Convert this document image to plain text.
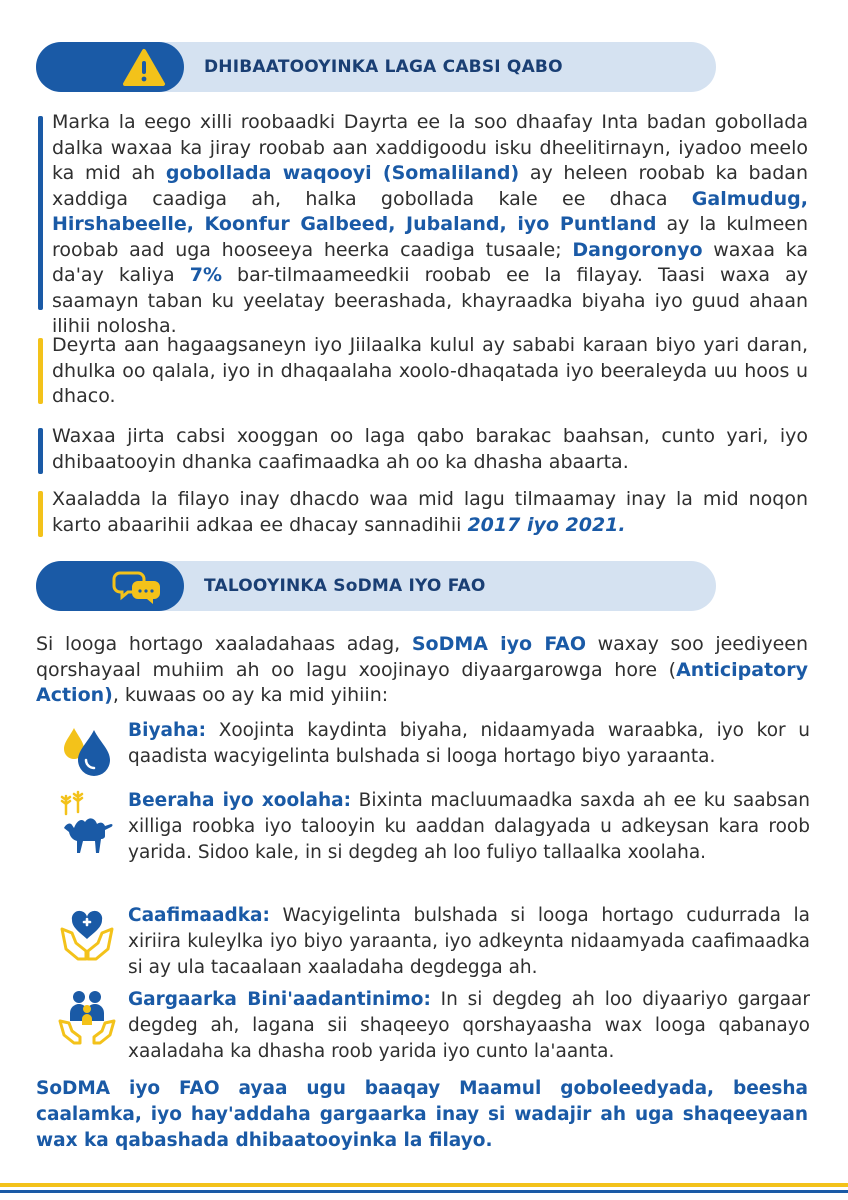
DHIBAATOOYINKA LAGA CABSI QABO
Marka la eego xilli roobaadki Dayrta ee la soo dhaafay Inta badan gobollada dalka waxaa ka jiray roobab aan xaddigoodu isku dheelitirnayn, iyadoo meelo ka mid ah gobollada waqooyi (Somaliland) ay heleen roobab ka badan xaddiga caadiga ah, halka gobollada kale ee dhaca Galmudug, Hirshabeelle, Koonfur Galbeed, Jubaland, iyo Puntland ay la kulmeen roobab aad uga hooseeya heerka caadiga tusaale; Dangoronyo waxaa ka da'ay kaliya 7% bar-tilmaameedkii roobab ee la filayay. Taasi waxa ay saamayn taban ku yeelatay beerashada, khayraadka biyaha iyo guud ahaan ilihii nolosha.
Deyrta aan hagaagsaneyn iyo Jiilaalka kulul ay sababi karaan biyo yari daran, dhulka oo qalala, iyo in dhaqaalaha xoolo-dhaqatada iyo beeraleyda uu hoos u dhaco.
Waxaa jirta cabsi xooggan oo laga qabo barakac baahsan, cunto yari, iyo dhibaatooyin dhanka caafimaadka ah oo ka dhasha abaarta.
Xaaladda la filayo inay dhacdo waa mid lagu tilmaamay inay la mid noqon karto abaarihii adkaa ee dhacay sannadihii 2017 iyo 2021.
TALOOYINKA SoDMA IYO FAO
Si looga hortago xaaladahaas adag, SoDMA iyo FAO waxay soo jeediyeen qorshayaal muhiim ah oo lagu xoojinayo diyaargarowga hore (Anticipatory Action), kuwaas oo ay ka mid yihiin:
Biyaha: Xoojinta kaydinta biyaha, nidaamyada waraabka, iyo kor u qaadista wacyigelinta bulshada si looga hortago biyo yaraanta.
Beeraha iyo xoolaha: Bixinta macluumaadka saxda ah ee ku saabsan xilliga roobka iyo talooyin ku aaddan dalagyada u adkeysan kara roob yarida. Sidoo kale, in si degdeg ah loo fuliyo tallaalka xoolaha.
Caafimaadka: Wacyigelinta bulshada si looga hortago cudurrada la xiriira kuleylka iyo biyo yaraanta, iyo adkeynta nidaamyada caafimaadka si ay ula tacaalaan xaaladaha degdegga ah.
Gargaarka Bini'aadantinimo: In si degdeg ah loo diyaariyo gargaar degdeg ah, lagana sii shaqeeyo qorshayaasha wax looga qabanayo xaaladaha ka dhasha roob yarida iyo cunto la'aanta.
SoDMA iyo FAO ayaa ugu baaqay Maamul goboleedyada, beesha caalamka, iyo hay'addaha gargaarka inay si wadajir ah uga shaqeeyaan wax ka qabashada dhibaatooyinka la filayo.
